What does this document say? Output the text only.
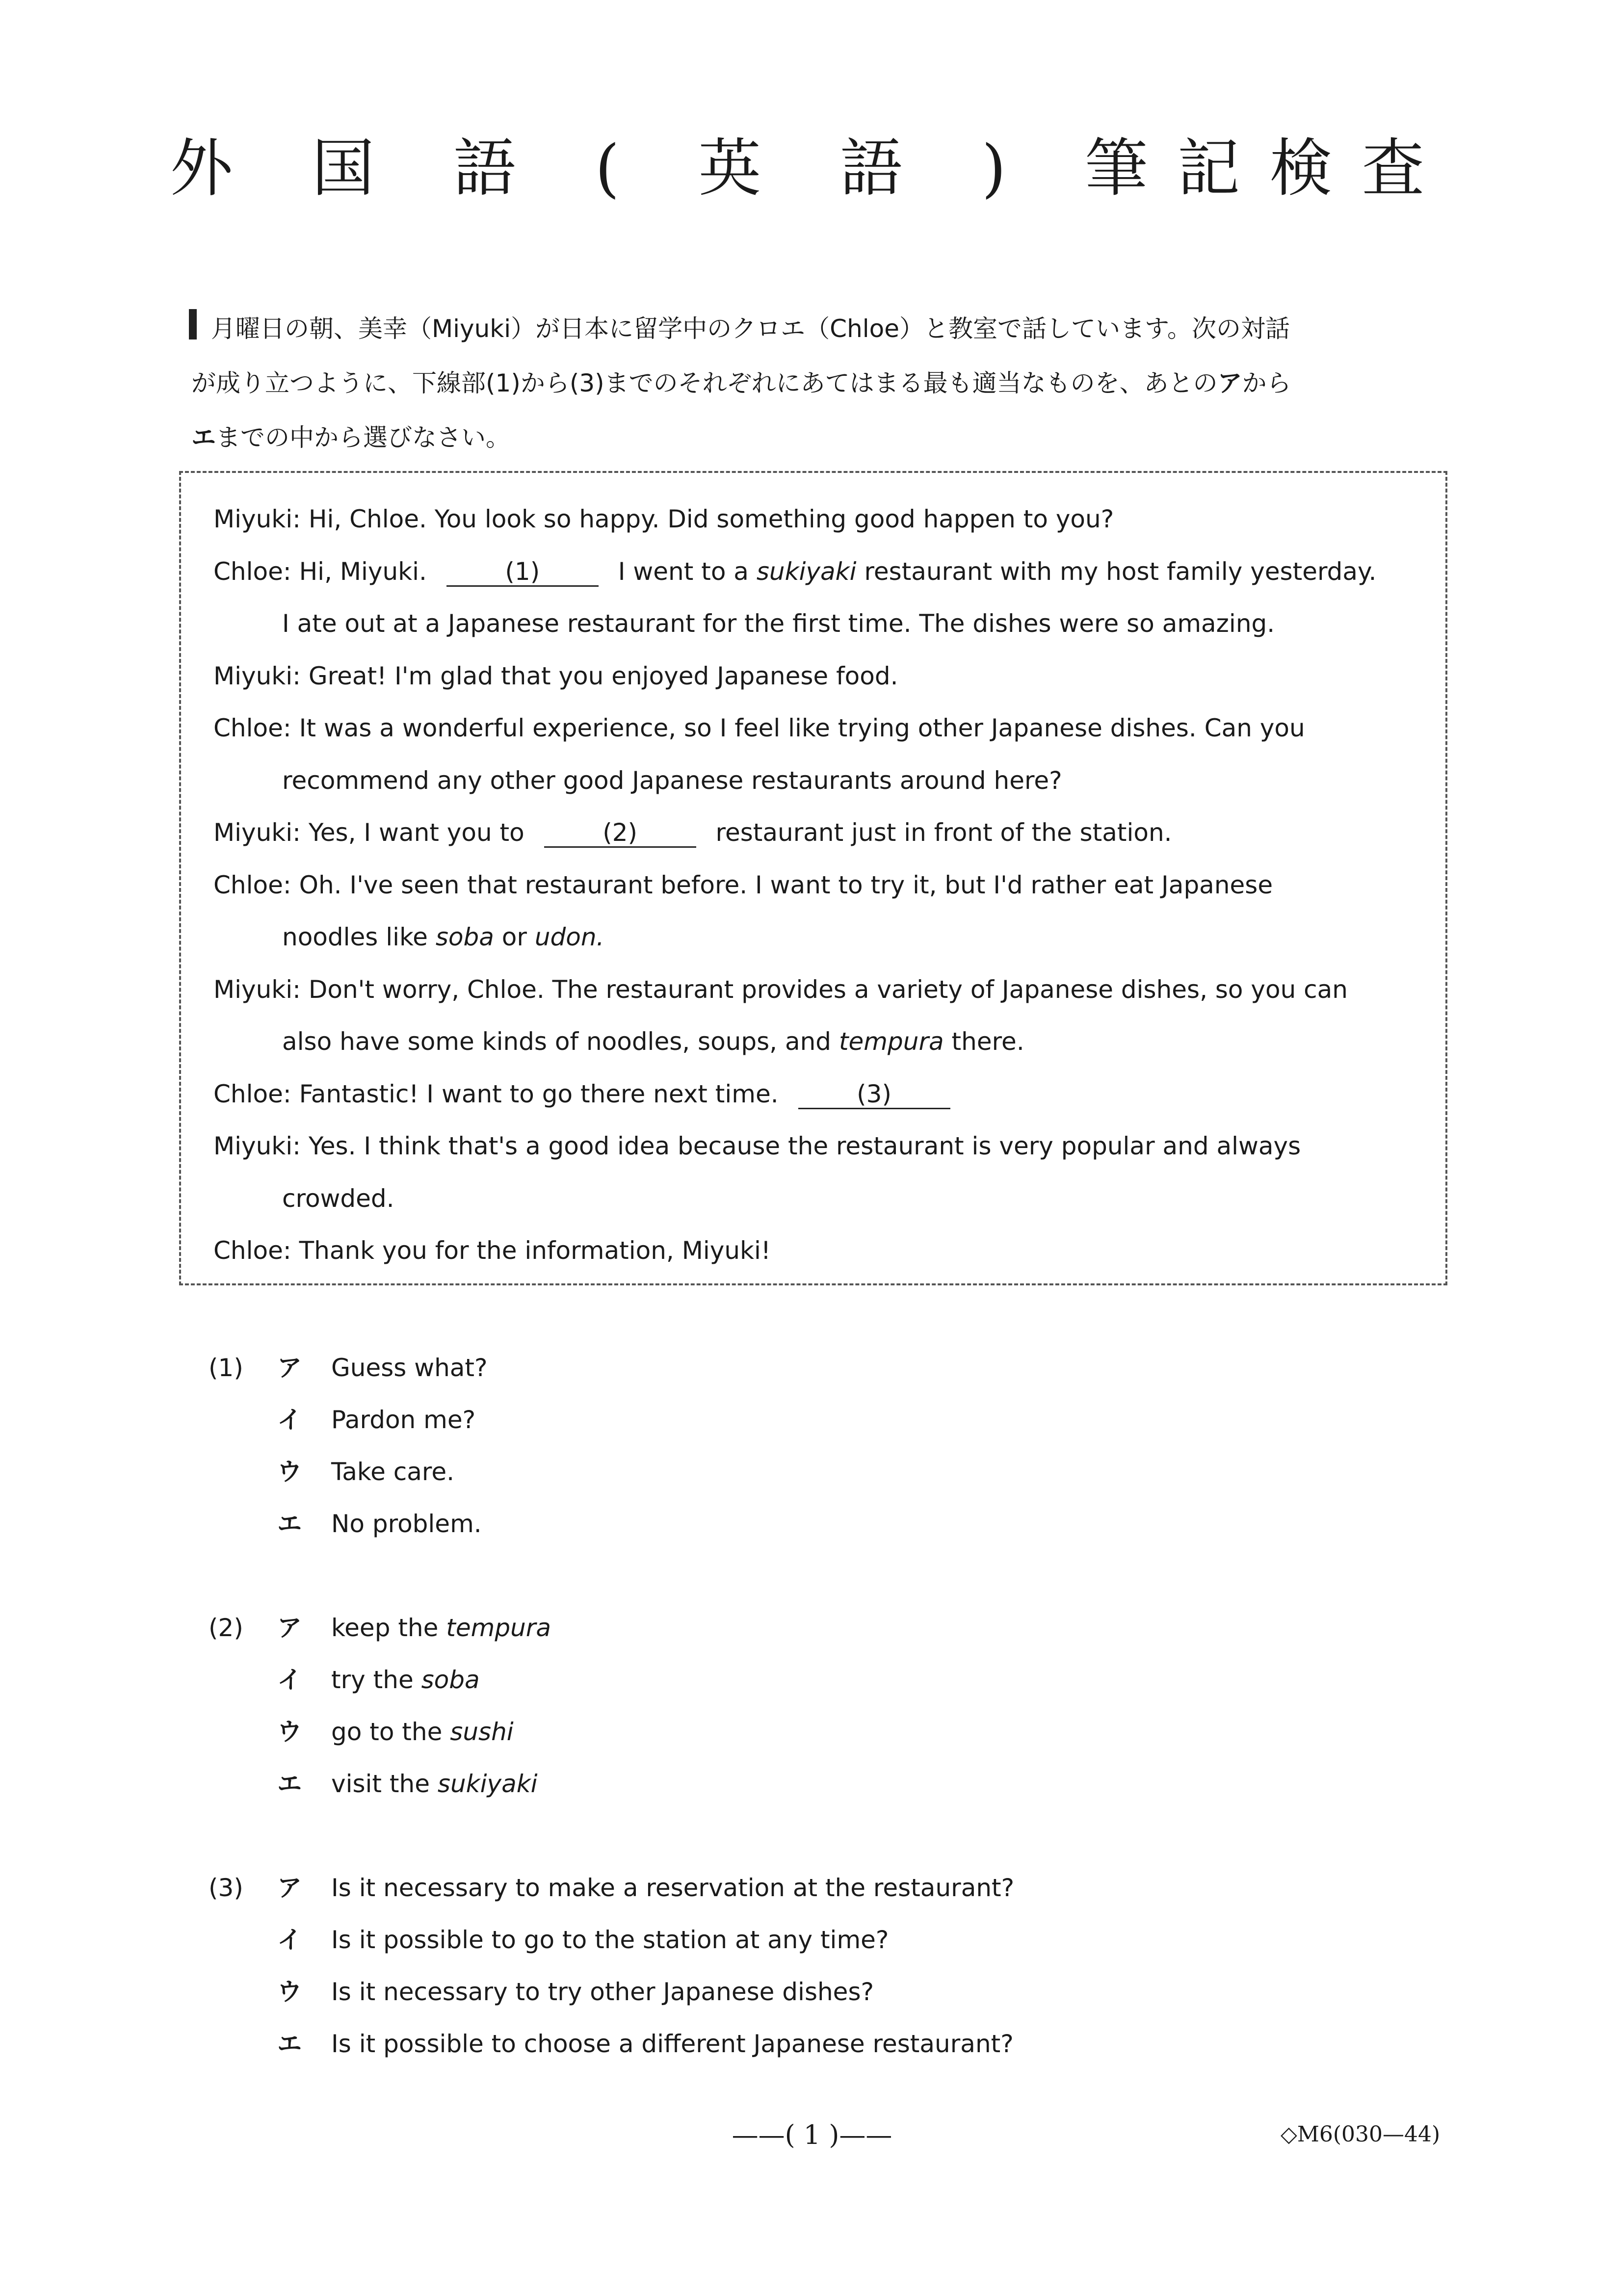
外 国 語 ( 英 語 ) 筆記検査

月曜日の朝、美幸（Miyuki）が日本に留学中のクロエ（Chloe）と教室で話しています。次の対話

が成り立つように、下線部(1)から(3)までのそれぞれにあてはまる最も適当なものを、あとのアから

エまでの中から選びなさい。

Miyuki: Hi, Chloe. You look so happy. Did something good happen to you?
Chloe: Hi, Miyuki.	(1)	I went to a sukiyaki restaurant with my host family yesterday.
I ate out at a Japanese restaurant for the first time. The dishes were so amazing.
Miyuki: Great! I'm glad that you enjoyed Japanese food.
Chloe: It was a wonderful experience, so I feel like trying other Japanese dishes. Can you
recommend any other good Japanese restaurants around here?
Miyuki: Yes, I want you to	(2)	restaurant just in front of the station.
Chloe: Oh. I've seen that restaurant before. I want to try it, but I'd rather eat Japanese
noodles like soba or udon.
Miyuki: Don't worry, Chloe. The restaurant provides a variety of Japanese dishes, so you can
also have some kinds of noodles, soups, and tempura there.
Chloe: Fantastic! I want to go there next time.	(3)
Miyuki: Yes. I think that's a good idea because the restaurant is very popular and always
crowded.
Chloe: Thank you for the information, Miyuki!
(1)	ア	Guess what?
イ	Pardon me?
ウ	Take care.
エ	No problem.
(2)	ア	keep the tempura
イ	try the soba
ウ	go to the sushi
エ	visit the sukiyaki
(3)	ア	Is it necessary to make a reservation at the restaurant?
イ	Is it possible to go to the station at any time?
ウ	Is it necessary to try other Japanese dishes?
エ	Is it possible to choose a different Japanese restaurant?
——( 1 )——	◇M6(030—44)
